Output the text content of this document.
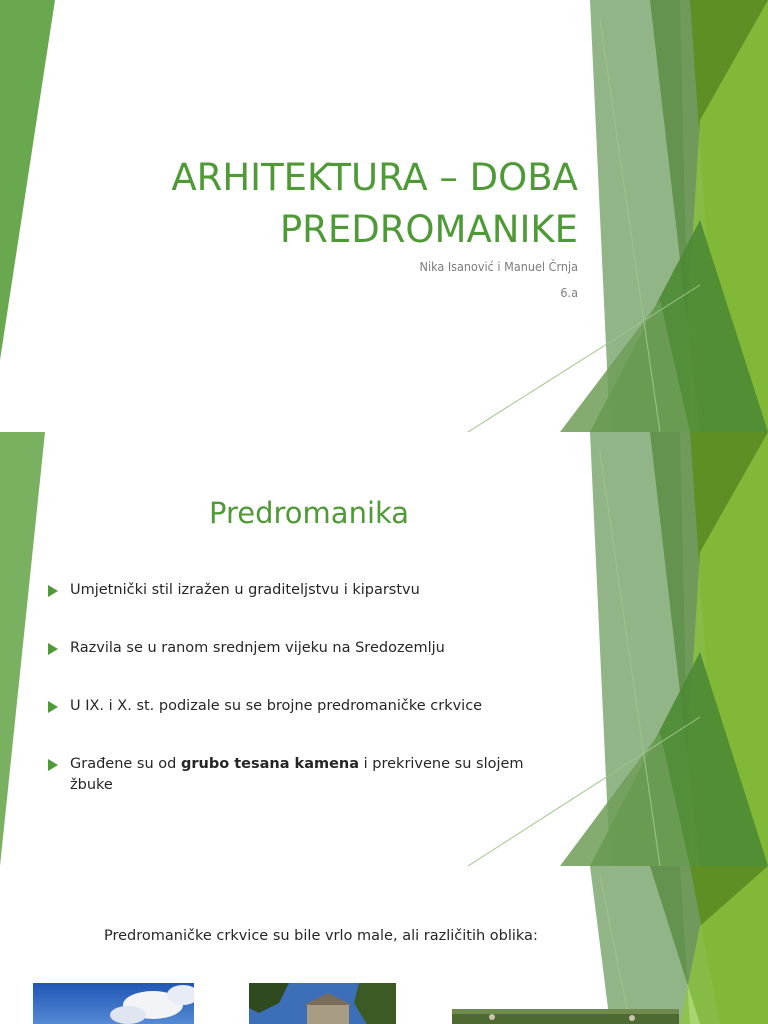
ARHITEKTURA – DOBA
PREDROMANIKE
Nika Isanović i Manuel Črnja
6.a
Predromanika
Umjetnički stil izražen u graditeljstvu i kiparstvu
Razvila se u ranom srednjem vijeku na Sredozemlju
U IX. i X. st. podizale su se brojne predromaničke crkvice
Građene su od grubo tesana kamena i prekrivene su slojem žbuke
Predromaničke crkvice su bile vrlo male, ali različitih oblika:
